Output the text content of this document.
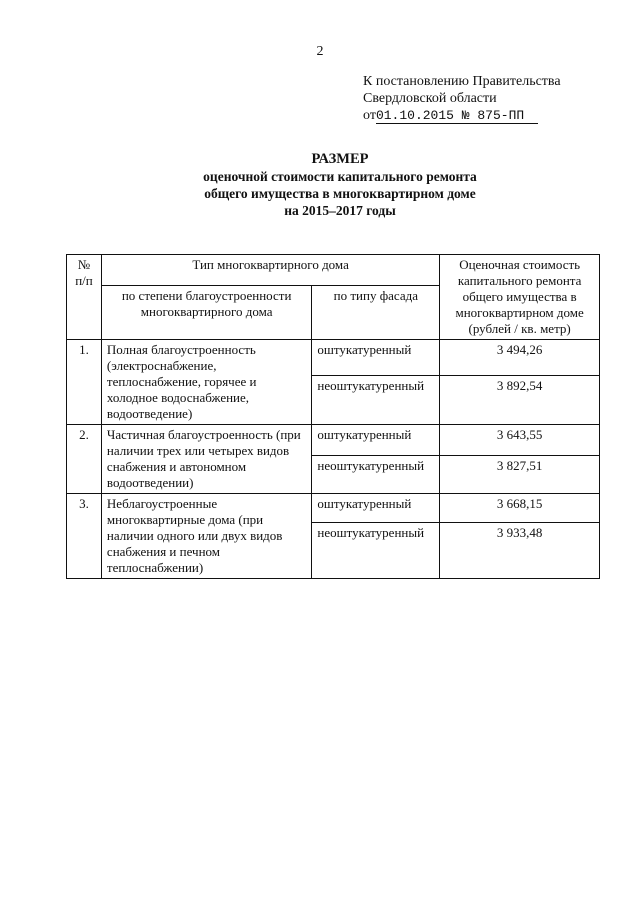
2
К постановлению Правительства
Свердловской области
от01.10.2015 № 875-ПП
РАЗМЕР
оценочной стоимости капитального ремонта
общего имущества в многоквартирном доме
на 2015–2017 годы
№ п/п	Тип многоквартирного дома		Оценочная стоимость капитального ремонта общего имущества в многоквартирном доме (рублей / кв. метр)
	по степени благоустроенности многоквартирного дома	по типу фасада	
1.	Полная благоустроенность (электроснабжение, теплоснабжение, горячее и холодное водоснабжение, водоотведение)	оштукатуренный	3 494,26
		неоштукатуренный	3 892,54
2.	Частичная благоустроенность (при наличии трех или четырех видов снабжения и автономном водоотведении)	оштукатуренный	3 643,55
		неоштукатуренный	3 827,51
3.	Неблагоустроенные многоквартирные дома (при наличии одного или двух видов снабжения и печном теплоснабжении)	оштукатуренный	3 668,15
		неоштукатуренный	3 933,48
